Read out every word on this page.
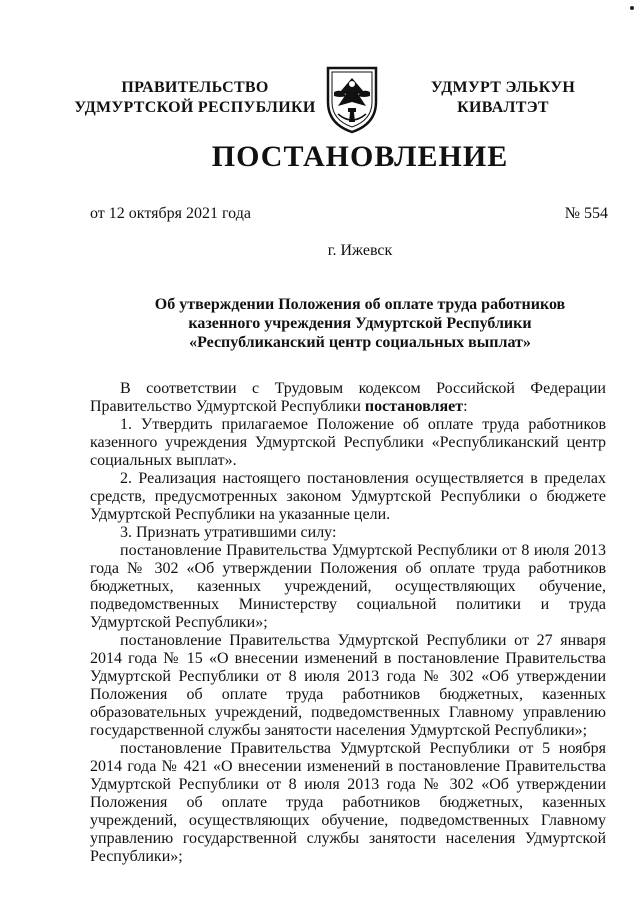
ПРАВИТЕЛЬСТВО
УДМУРТСКОЙ РЕСПУБЛИКИ
УДМУРТ ЭЛЬКУН
КИВАЛТЭТ
ПОСТАНОВЛЕНИЕ
от 12 октября 2021 года	№ 554
г. Ижевск
Об утверждении Положения об оплате труда работников
казенного учреждения Удмуртской Республики
«Республиканский центр социальных выплат»

В соответствии с Трудовым кодексом Российской Федерации Правительство Удмуртской Республики постановляет:

1. Утвердить прилагаемое Положение об оплате труда работников казенного учреждения Удмуртской Республики «Республиканский центр социальных выплат».

2. Реализация настоящего постановления осуществляется в пределах средств, предусмотренных законом Удмуртской Республики о бюджете Удмуртской Республики на указанные цели.

3. Признать утратившими силу:

постановление Правительства Удмуртской Республики от 8 июля 2013 года № 302 «Об утверждении Положения об оплате труда работников бюджетных, казенных учреждений, осуществляющих обучение, подведомственных Министерству социальной политики и труда Удмуртской Республики»;

постановление Правительства Удмуртской Республики от 27 января 2014 года № 15 «О внесении изменений в постановление Правительства Удмуртской Республики от 8 июля 2013 года № 302 «Об утверждении Положения об оплате труда работников бюджетных, казенных образовательных учреждений, подведомственных Главному управлению государственной службы занятости населения Удмуртской Республики»;

постановление Правительства Удмуртской Республики от 5 ноября 2014 года № 421 «О внесении изменений в постановление Правительства Удмуртской Республики от 8 июля 2013 года № 302 «Об утверждении Положения об оплате труда работников бюджетных, казенных учреждений, осуществляющих обучение, подведомственных Главному управлению государственной службы занятости населения Удмуртской Республики»;
